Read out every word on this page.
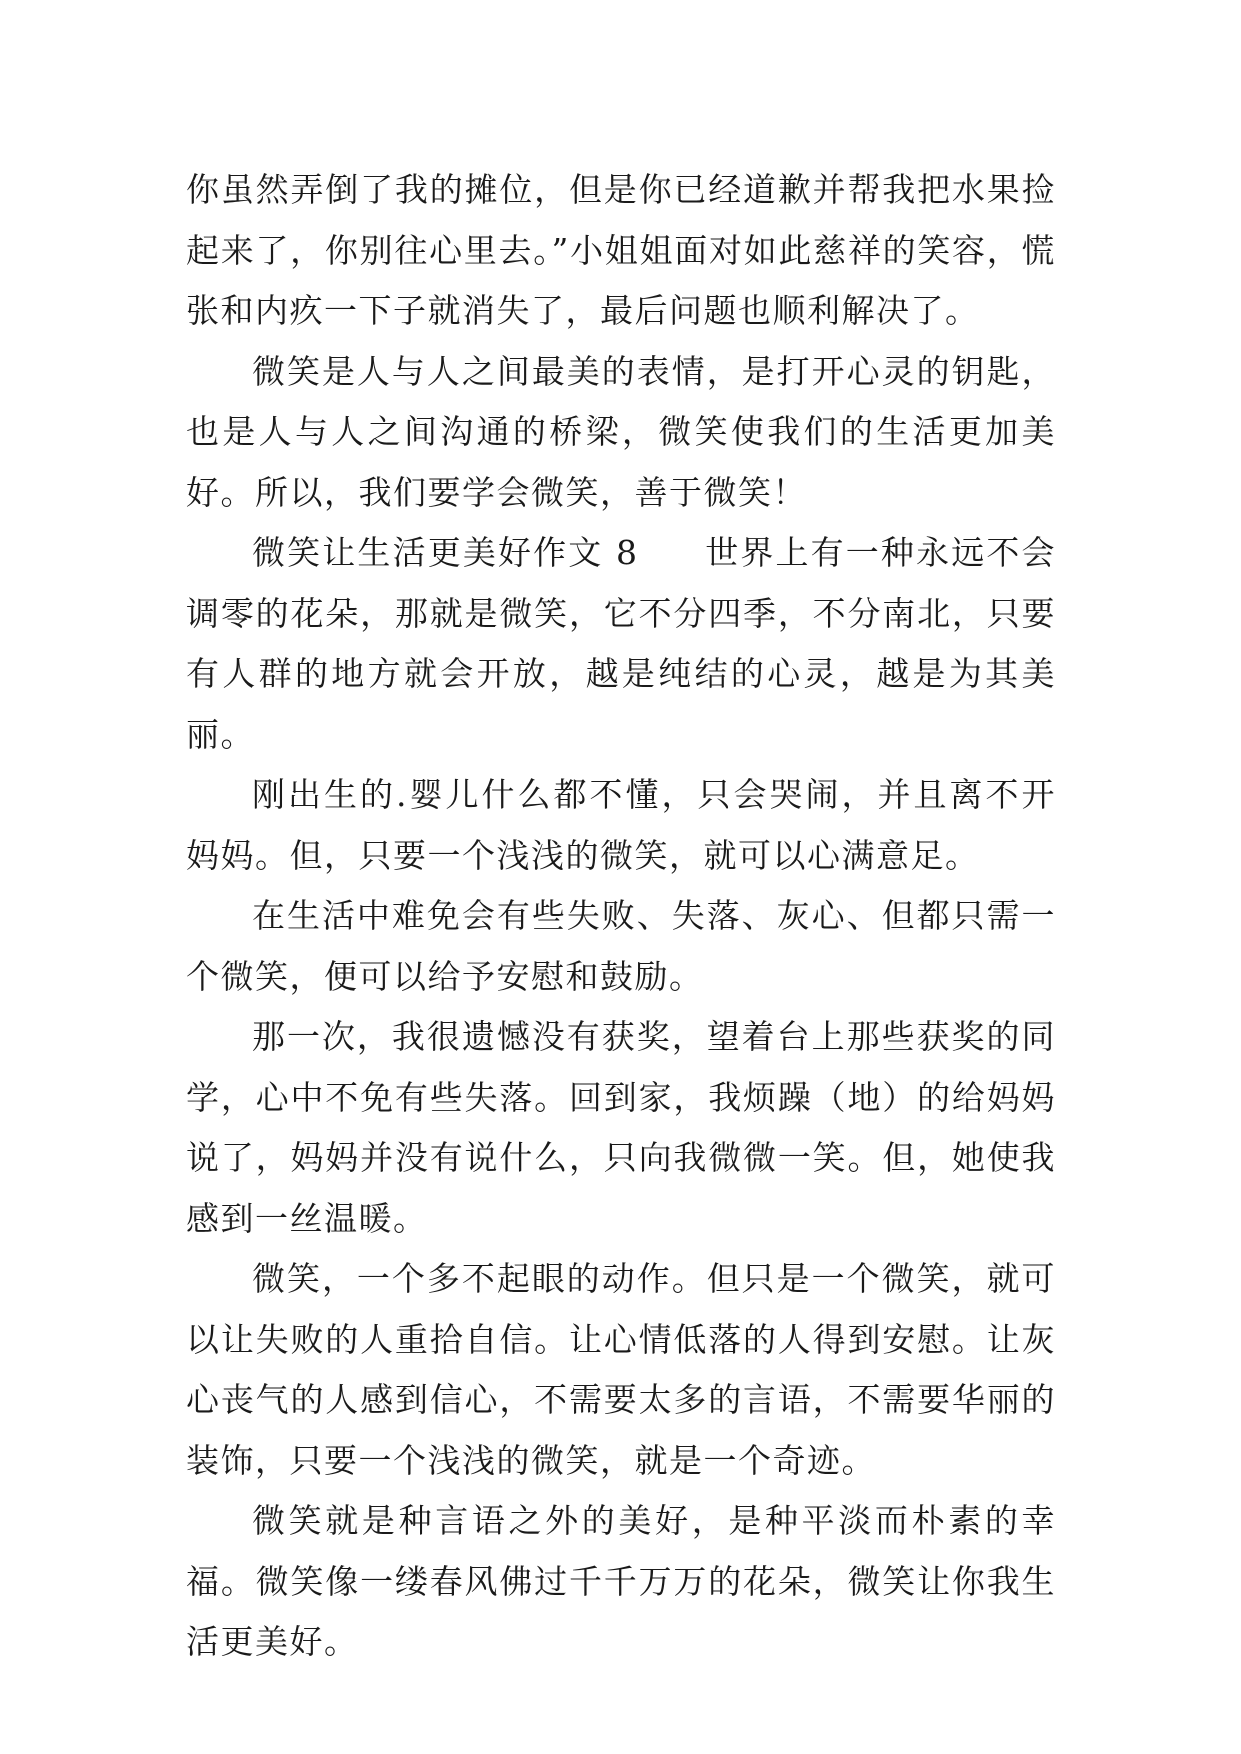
你虽然弄倒了我的摊位，但是你已经道歉并帮我把水果捡起来了，你别往心里去。”小姐姐面对如此慈祥的笑容，慌张和内疚一下子就消失了，最后问题也顺利解决了。

微笑是人与人之间最美的表情，是打开心灵的钥匙，也是人与人之间沟通的桥梁，微笑使我们的生活更加美好。所以，我们要学会微笑，善于微笑！

微笑让生活更美好作文 8 世界上有一种永远不会调零的花朵，那就是微笑，它不分四季，不分南北，只要有人群的地方就会开放，越是纯结的心灵，越是为其美丽。

刚出生的.婴儿什么都不懂，只会哭闹，并且离不开妈妈。但，只要一个浅浅的微笑，就可以心满意足。

在生活中难免会有些失败、失落、灰心、但都只需一个微笑，便可以给予安慰和鼓励。

那一次，我很遗憾没有获奖，望着台上那些获奖的同学，心中不免有些失落。回到家，我烦躁（地）的给妈妈说了，妈妈并没有说什么，只向我微微一笑。但，她使我感到一丝温暖。

微笑，一个多不起眼的动作。但只是一个微笑，就可以让失败的人重拾自信。让心情低落的人得到安慰。让灰心丧气的人感到信心，不需要太多的言语，不需要华丽的装饰，只要一个浅浅的微笑，就是一个奇迹。

微笑就是种言语之外的美好，是种平淡而朴素的幸福。微笑像一缕春风佛过千千万万的花朵，微笑让你我生活更美好。
